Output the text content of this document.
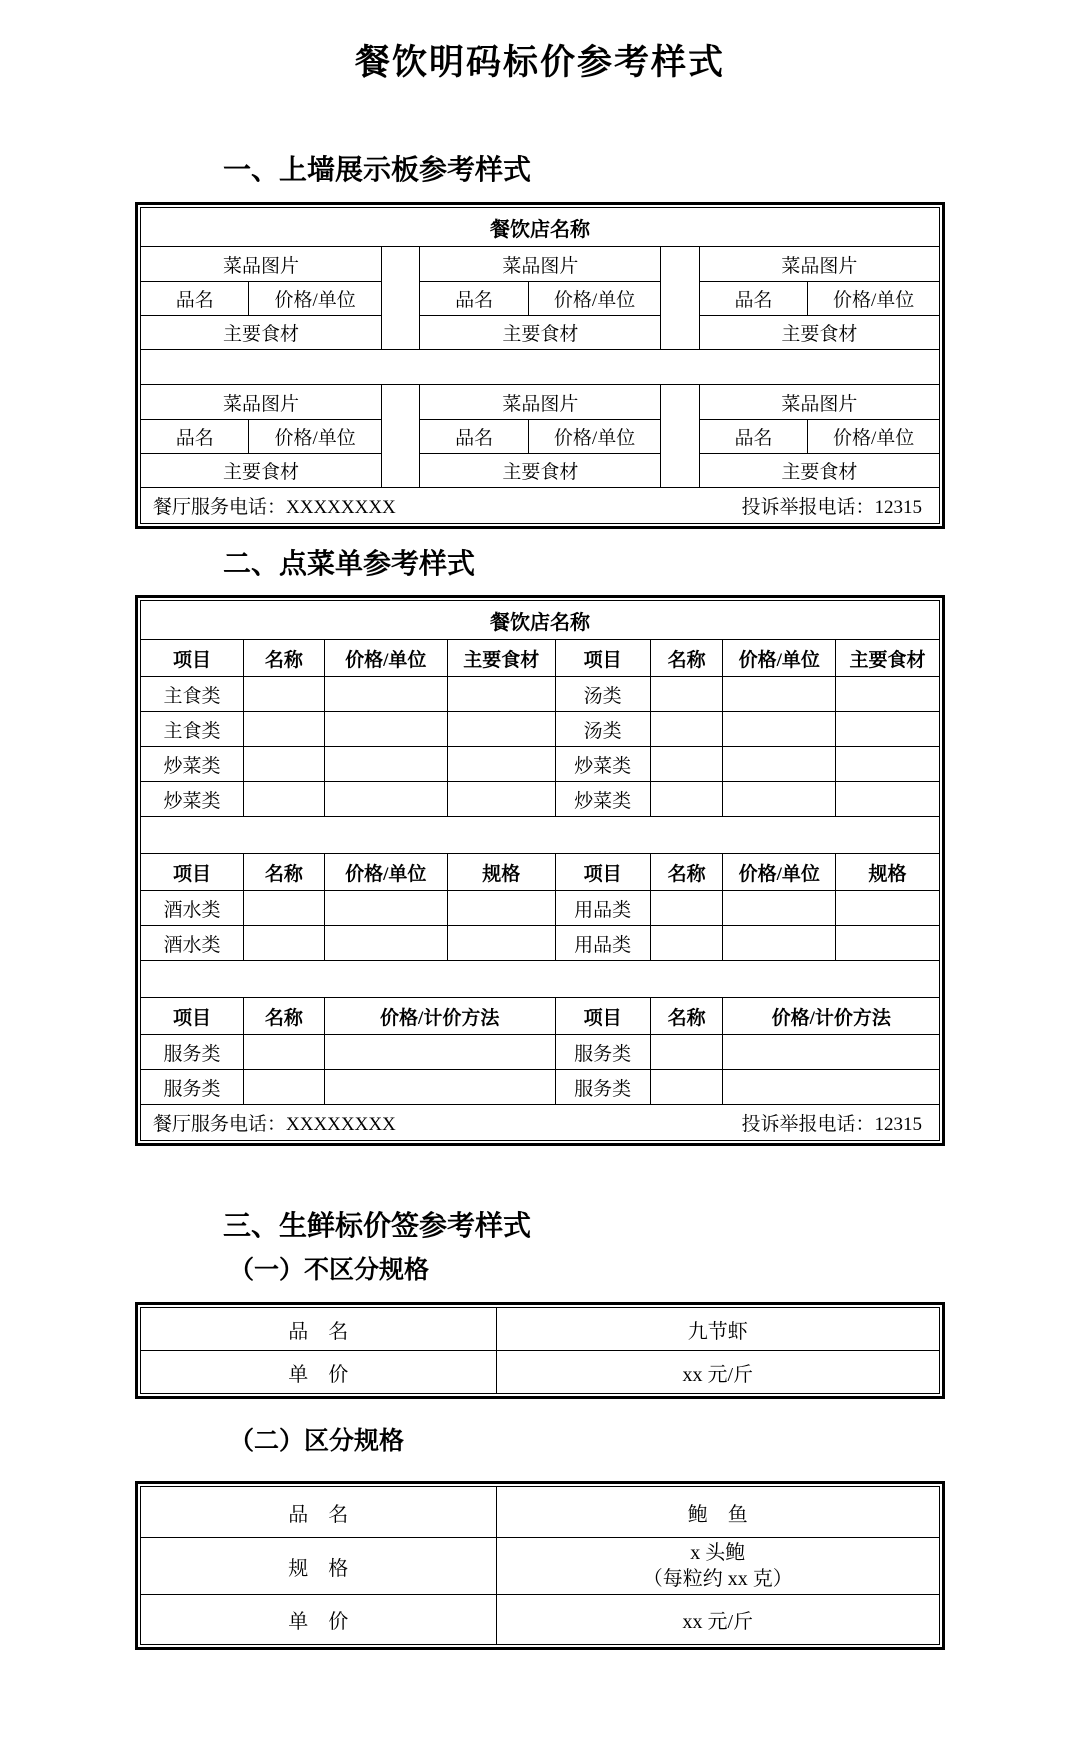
餐饮明码标价参考样式
一、上墙展示板参考样式
餐饮店名称							
菜品图片			菜品图片			菜品图片	
品名	价格/单位		品名	价格/单位		品名	价格/单位
主要食材			主要食材			主要食材	

菜品图片			菜品图片			菜品图片	
品名	价格/单位		品名	价格/单位		品名	价格/单位
主要食材			主要食材			主要食材	

餐厅服务电话：XXXXXXXX 投诉举报电话：12315							
二、点菜单参考样式
餐饮店名称							
项目	名称	价格/单位	主要食材	项目	名称	价格/单位	主要食材
主食类				汤类			
主食类				汤类			
炒菜类				炒菜类			
炒菜类				炒菜类			

项目	名称	价格/单位	规格	项目	名称	价格/单位	规格
酒水类				用品类			
酒水类				用品类			

项目	名称	价格/计价方法		项目	名称	价格/计价方法	
服务类				服务类			
服务类				服务类			

餐厅服务电话：XXXXXXXX 投诉举报电话：12315							
三、生鲜标价签参考样式
（一）不区分规格
品　名	九节虾
单　价	xx 元/斤
（二）区分规格
品　名	鲍　鱼
规　格	x 头鲍
（每粒约 xx 克）

单　价	xx 元/斤
